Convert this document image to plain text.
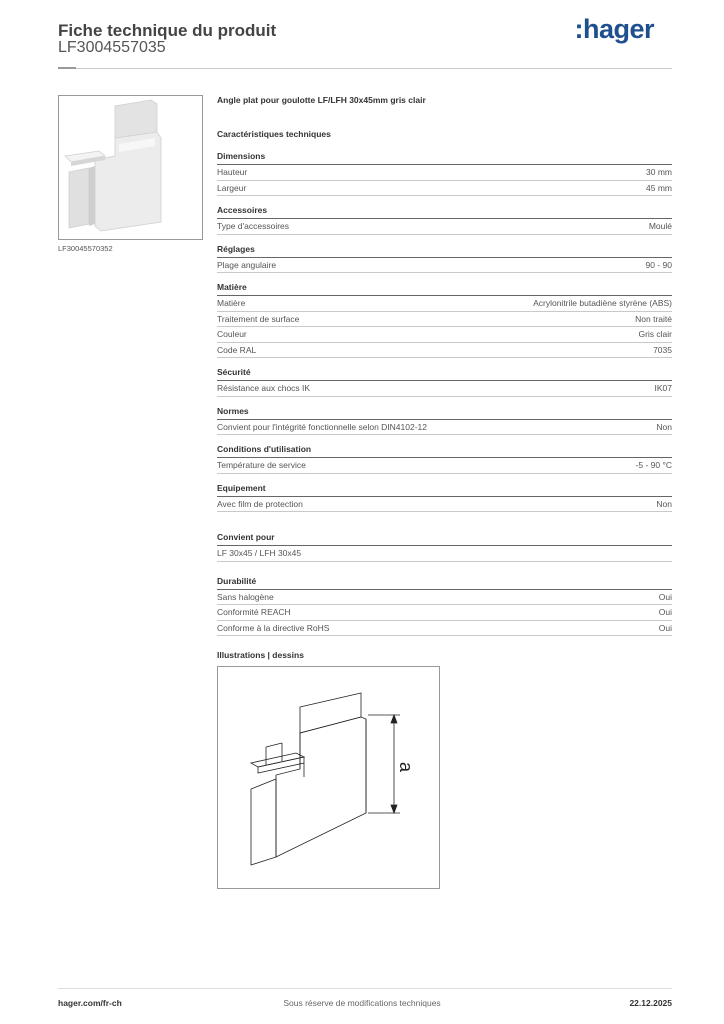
Fiche technique du produit
LF3004557035
:hager
LF30045570352
Angle plat pour goulotte LF/LFH 30x45mm gris clair
Caractéristiques techniques
Dimensions
Hauteur	30 mm
Largeur	45 mm
Accessoires
Type d'accessoires	Moulé
Réglages
Plage angulaire	90 - 90
Matière
Matière	Acrylonitrile butadiène styrène (ABS)
Traitement de surface	Non traité
Couleur	Gris clair
Code RAL	7035
Sécurité
Résistance aux chocs IK	IK07
Normes
Convient pour l'intégrité fonctionnelle selon DIN4102-12	Non
Conditions d'utilisation
Température de service	-5 - 90 °C
Equipement
Avec film de protection	Non
Convient pour
LF 30x45 / LFH 30x45
Durabilité
Sans halogène	Oui
Conformité REACH	Oui
Conforme à la directive RoHS	Oui
Illustrations | dessins
a
hager.com/fr-ch	Sous réserve de modifications techniques	22.12.2025
